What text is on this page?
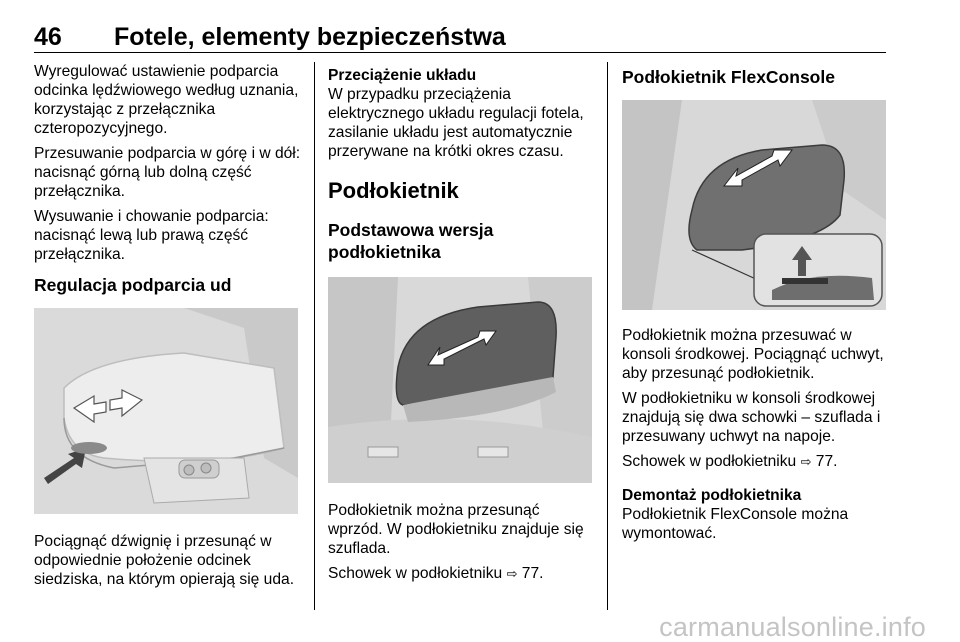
46 Fotele, elementy bezpieczeństwa

Wyregulować ustawienie podparcia odcinka lędźwiowego według uznania, korzystając z przełącznika czteropozycyjnego.

Przesuwanie podparcia w górę i w dół: nacisnąć górną lub dolną część przełącznika.

Wysuwanie i chowanie podparcia: nacisnąć lewą lub prawą część przełącznika.

Regulacja podparcia ud

Pociągnąć dźwignię i przesunąć w odpowiednie położenie odcinek siedziska, na którym opierają się uda.

Przeciążenie układu

W przypadku przeciążenia elektrycznego układu regulacji fotela, zasilanie układu jest automatycznie przerywane na krótki okres czasu.

Podłokietnik
Podstawowa wersja podłokietnika

Podłokietnik można przesunąć wprzód. W podłokietniku znajduje się szuflada.

Schowek w podłokietniku ⇨ 77.

Podłokietnik FlexConsole

Podłokietnik można przesuwać w konsoli środkowej. Pociągnąć uchwyt, aby przesunąć podłokietnik.

W podłokietniku w konsoli środkowej znajdują się dwa schowki – szuflada i przesuwany uchwyt na napoje.

Schowek w podłokietniku ⇨ 77.

Demontaż podłokietnika

Podłokietnik FlexConsole można wymontować.

carmanualsonline.info
